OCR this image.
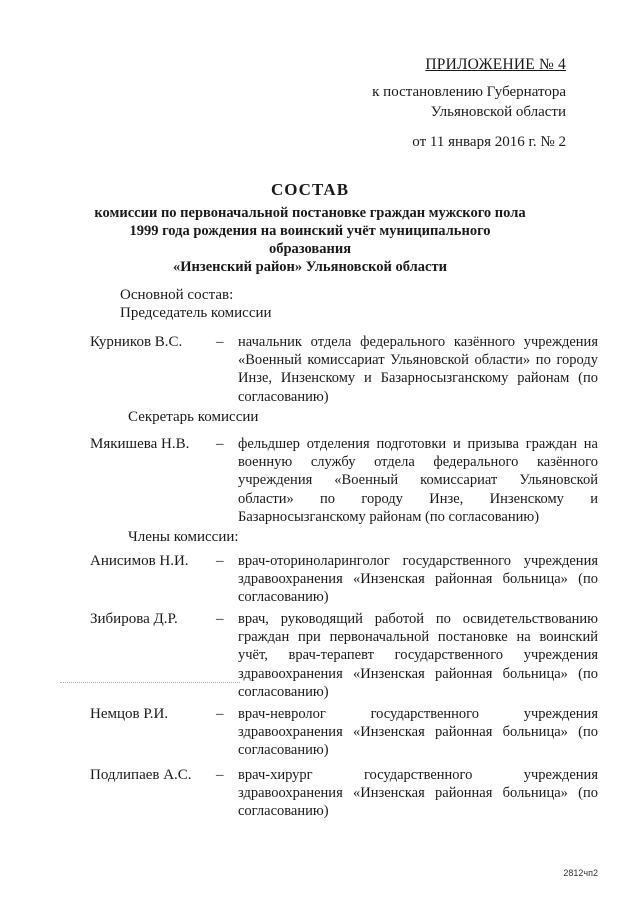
ПРИЛОЖЕНИЕ № 4
к постановлению Губернатора
Ульяновской области
от 11 января 2016 г. № 2
СОСТАВ
комиссии по первоначальной постановке граждан мужского пола
1999 года рождения на воинский учёт муниципального образования
«Инзенский район» Ульяновской области
Основной состав:
Председатель комиссии
Курников В.С. – начальник отдела федерального казённого учреждения «Военный комиссариат Ульяновской области» по городу Инзе, Инзенскому и Базарносызганскому районам (по согласованию)
Секретарь комиссии
Мякишева Н.В. – фельдшер отделения подготовки и призыва граждан на военную службу отдела федерального казённого учреждения «Военный комиссариат Ульяновской области» по городу Инзе, Инзенскому и Базарносызганскому районам (по согласованию)
Члены комиссии:
Анисимов Н.И. – врач-оториноларинголог государственного учреждения здравоохранения «Инзенская районная больница» (по согласованию)
Зибирова Д.Р.	– врач, руководящий работой по освидетельствованию граждан при первоначальной постановке на воинский учёт, врач-терапевт государственного учреждения здравоохранения «Инзенская районная больница» (по согласованию)
Немцов Р.И.	– врач-невролог государственного учреждения здравоохранения «Инзенская районная больница» (по согласованию)
Подлипаев А.С. – врач-хирург государственного учреждения здравоохранения «Инзенская районная больница» (по согласованию)
2812чп2
